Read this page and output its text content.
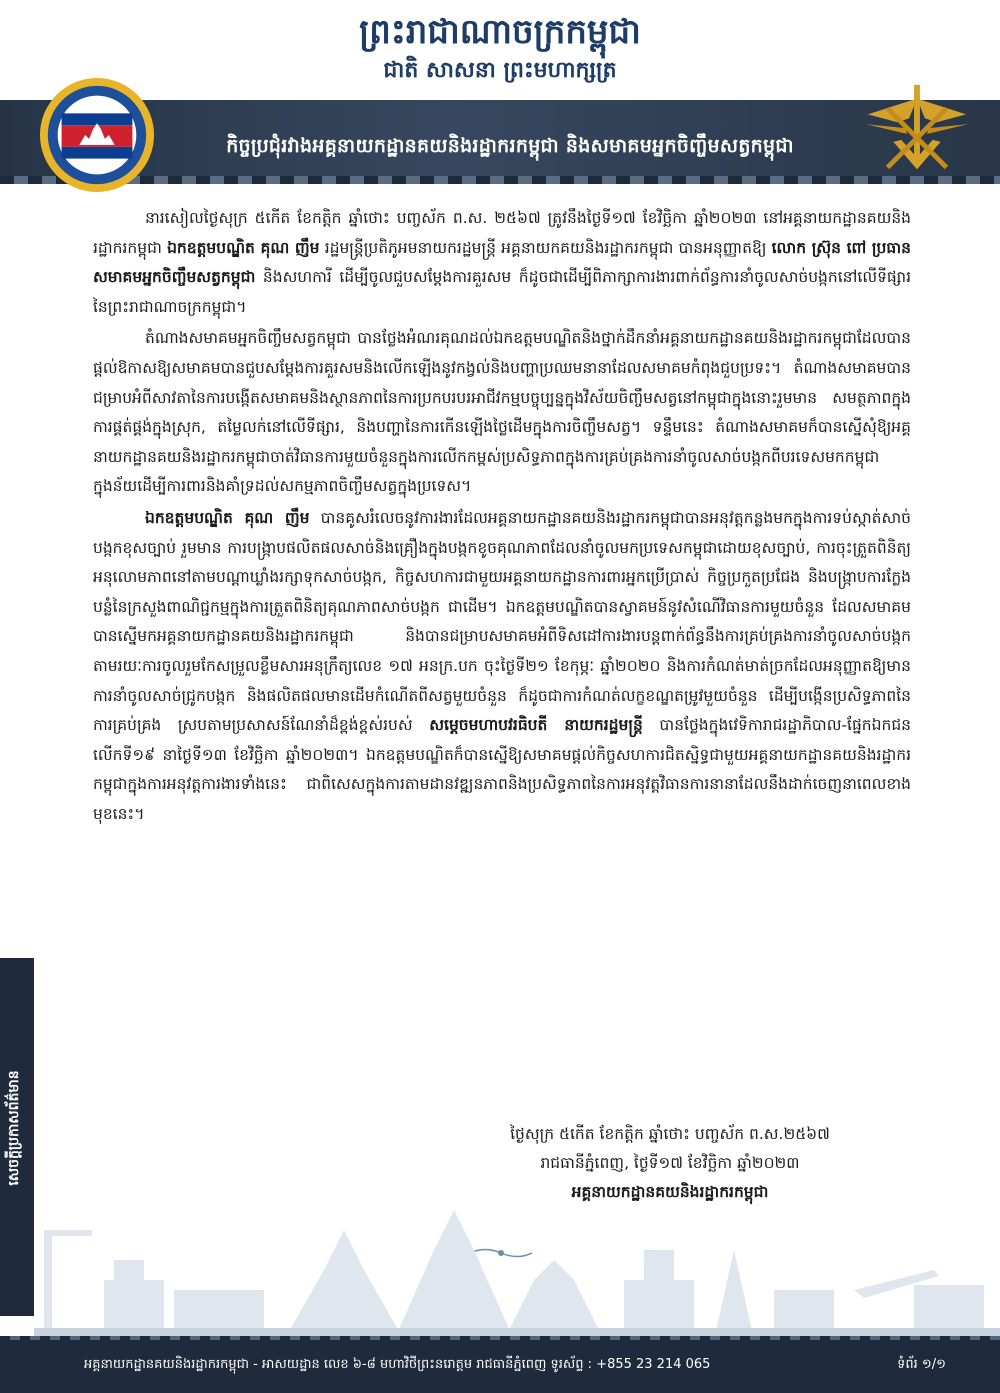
ព្រះរាជាណាចក្រកម្ពុជា
ជាតិ សាសនា ព្រះមហាក្សត្រ
កិច្ចប្រជុំរវាងអគ្គនាយកដ្ឋានគយនិងរដ្ឋាករកម្ពុជា និងសមាគមអ្នកចិញ្ចឹមសត្វកម្ពុជា

នារសៀលថ្ងៃសុក្រ ៥កើត ខែកត្តិក ឆ្នាំថោះ បញ្ចស័ក ព.ស. ២៥៦៧ ត្រូវនឹងថ្ងៃទី១៧ ខែវិច្ឆិកា ឆ្នាំ២០២៣ នៅអគ្គនាយកដ្ឋានគយនិងរដ្ឋាករកម្ពុជា ឯកឧត្តមបណ្ឌិត គុណ ញឹម រដ្ឋមន្ត្រីប្រតិភូអមនាយករដ្ឋមន្ត្រី អគ្គនាយកគយនិងរដ្ឋាករកម្ពុជា បានអនុញ្ញាតឱ្យ លោក ស៊្រុន ពៅ ប្រធានសមាគមអ្នកចិញ្ចឹមសត្វកម្ពុជា និងសហការី ដើម្បីចូលជួបសម្តែងការគួរសម ក៏ដូចជាដើម្បីពិភាក្សាការងារពាក់ព័ន្ធការនាំចូលសាច់បង្កកនៅលើទីផ្សារនៃព្រះរាជាណាចក្រកម្ពុជា។

តំណាងសមាគមអ្នកចិញ្ចឹមសត្វកម្ពុជា បានថ្លែងអំណរគុណដល់ឯកឧត្តមបណ្ឌិតនិងថ្នាក់ដឹកនាំអគ្គនាយកដ្ឋានគយនិងរដ្ឋាករកម្ពុជាដែលបានផ្តល់ឱកាសឱ្យសមាគមបានជួបសម្តែងការគួរសមនិងលើកឡើងនូវកង្វល់និងបញ្ហាប្រឈមនានាដែលសមាគមកំពុងជួបប្រទះ។ តំណាងសមាគមបានជម្រាបអំពីសាវតានៃការបង្កើតសមាគមនិងស្ថានភាពនៃការប្រកបរបរអាជីវកម្មបច្ចុប្បន្នក្នុងវិស័យចិញ្ចឹមសត្វនៅកម្ពុជាក្នុងនោះរួមមាន សមត្ថភាពក្នុងការផ្គត់ផ្គង់ក្នុងស្រុក, តម្លៃលក់នៅលើទីផ្សារ, និងបញ្ហានៃការកើនឡើងថ្លៃដើមក្នុងការចិញ្ចឹមសត្វ។ ទន្ទឹមនេះ តំណាងសមាគមក៏បានស្នើសុំឱ្យអគ្គនាយកដ្ឋានគយនិងរដ្ឋាករកម្ពុជាចាត់វិធានការមួយចំនួនក្នុងការលើកកម្ពស់ប្រសិទ្ធភាពក្នុងការគ្រប់គ្រងការនាំចូលសាច់បង្កកពីបរទេសមកកម្ពុជា ក្នុងន័យដើម្បីការពារនិងគាំទ្រដល់សកម្មភាពចិញ្ចឹមសត្វក្នុងប្រទេស។

ឯកឧត្តមបណ្ឌិត គុណ ញឹម បានគូសរំលេចនូវការងារដែលអគ្គនាយកដ្ឋានគយនិងរដ្ឋាករកម្ពុជាបានអនុវត្តកន្លងមកក្នុងការទប់ស្កាត់សាច់បង្កកខុសច្បាប់ រួមមាន ការបង្ក្រាបផលិតផលសាច់និងគ្រឿងក្នុងបង្កកខូចគុណភាពដែលនាំចូលមកប្រទេសកម្ពុជាដោយខុសច្បាប់, ការចុះត្រួតពិនិត្យអនុលោមភាពនៅតាមបណ្តាឃ្លាំងរក្សាទុកសាច់បង្កក, កិច្ចសហការជាមួយអគ្គនាយកដ្ឋានការពារអ្នកប្រើប្រាស់ កិច្ចប្រកួតប្រជែង និងបង្ក្រាបការក្លែងបន្លំនៃក្រសួងពាណិជ្ជកម្មក្នុងការត្រួតពិនិត្យគុណភាពសាច់បង្កក ជាដើម។ ឯកឧត្តមបណ្ឌិតបានស្វាគមន៍នូវសំណើវិធានការមួយចំនួន ដែលសមាគមបានស្នើមកអគ្គនាយកដ្ឋានគយនិងរដ្ឋាករកម្ពុជា និងបានជម្រាបសមាគមអំពីទិសដៅការងារបន្តពាក់ព័ន្ធនឹងការគ្រប់គ្រងការនាំចូលសាច់បង្កកតាមរយៈការចូលរួមកែសម្រួលខ្លឹមសារអនុក្រឹត្យលេខ ១៧ អនក្រ.បក ចុះថ្ងៃទី២១ ខែកុម្ភៈ ឆ្នាំ២០២០ និងការកំណត់មាត់ច្រកដែលអនុញ្ញាតឱ្យមានការនាំចូលសាច់ជ្រូកបង្កក និងផលិតផលមានដើមកំណើតពីសត្វមួយចំនួន ក៏ដូចជាការកំណត់លក្ខខណ្ឌតម្រូវមួយចំនួន ដើម្បីបង្កើនប្រសិទ្ធភាពនៃការគ្រប់គ្រង ស្របតាមប្រសាសន៍ណែនាំដ៏ខ្ពង់ខ្ពស់របស់ សម្តេចមហាបវរធិបតី នាយករដ្ឋមន្ត្រី បានថ្លែងក្នុងវេទិការាជរដ្ឋាភិបាល-ផ្នែកឯកជនលើកទី១៩ នាថ្ងៃទី១៣ ខែវិច្ឆិកា ឆ្នាំ២០២៣។ ឯកឧត្តមបណ្ឌិតក៏បានស្នើឱ្យសមាគមផ្តល់កិច្ចសហការជិតស្និទ្ធជាមួយអគ្គនាយកដ្ឋានគយនិងរដ្ឋាករកម្ពុជាក្នុងការអនុវត្តការងារទាំងនេះ ជាពិសេសក្នុងការតាមដានវឌ្ឍនភាពនិងប្រសិទ្ធភាពនៃការអនុវត្តវិធានការនានាដែលនឹងដាក់ចេញនាពេលខាងមុខនេះ។

ថ្ងៃសុក្រ ៥កើត ខែកត្តិក ឆ្នាំថោះ បញ្ចស័ក ព.ស.២៥៦៧
រាជធានីភ្នំពេញ, ថ្ងៃទី១៧ ខែវិច្ឆិកា ឆ្នាំ២០២៣
អគ្គនាយកដ្ឋានគយនិងរដ្ឋាករកម្ពុជា
សេចក្តីប្រកាសព័ត៌មាន
អគ្គនាយកដ្ឋានគយនិងរដ្ឋាករកម្ពុជា - អាសយដ្ឋាន លេខ ៦-៨ មហាវិថីព្រះនរោត្តម រាជធានីភ្នំពេញ ទូរស័ព្ទ : +855 23 214 065	ទំព័រ ១/១
